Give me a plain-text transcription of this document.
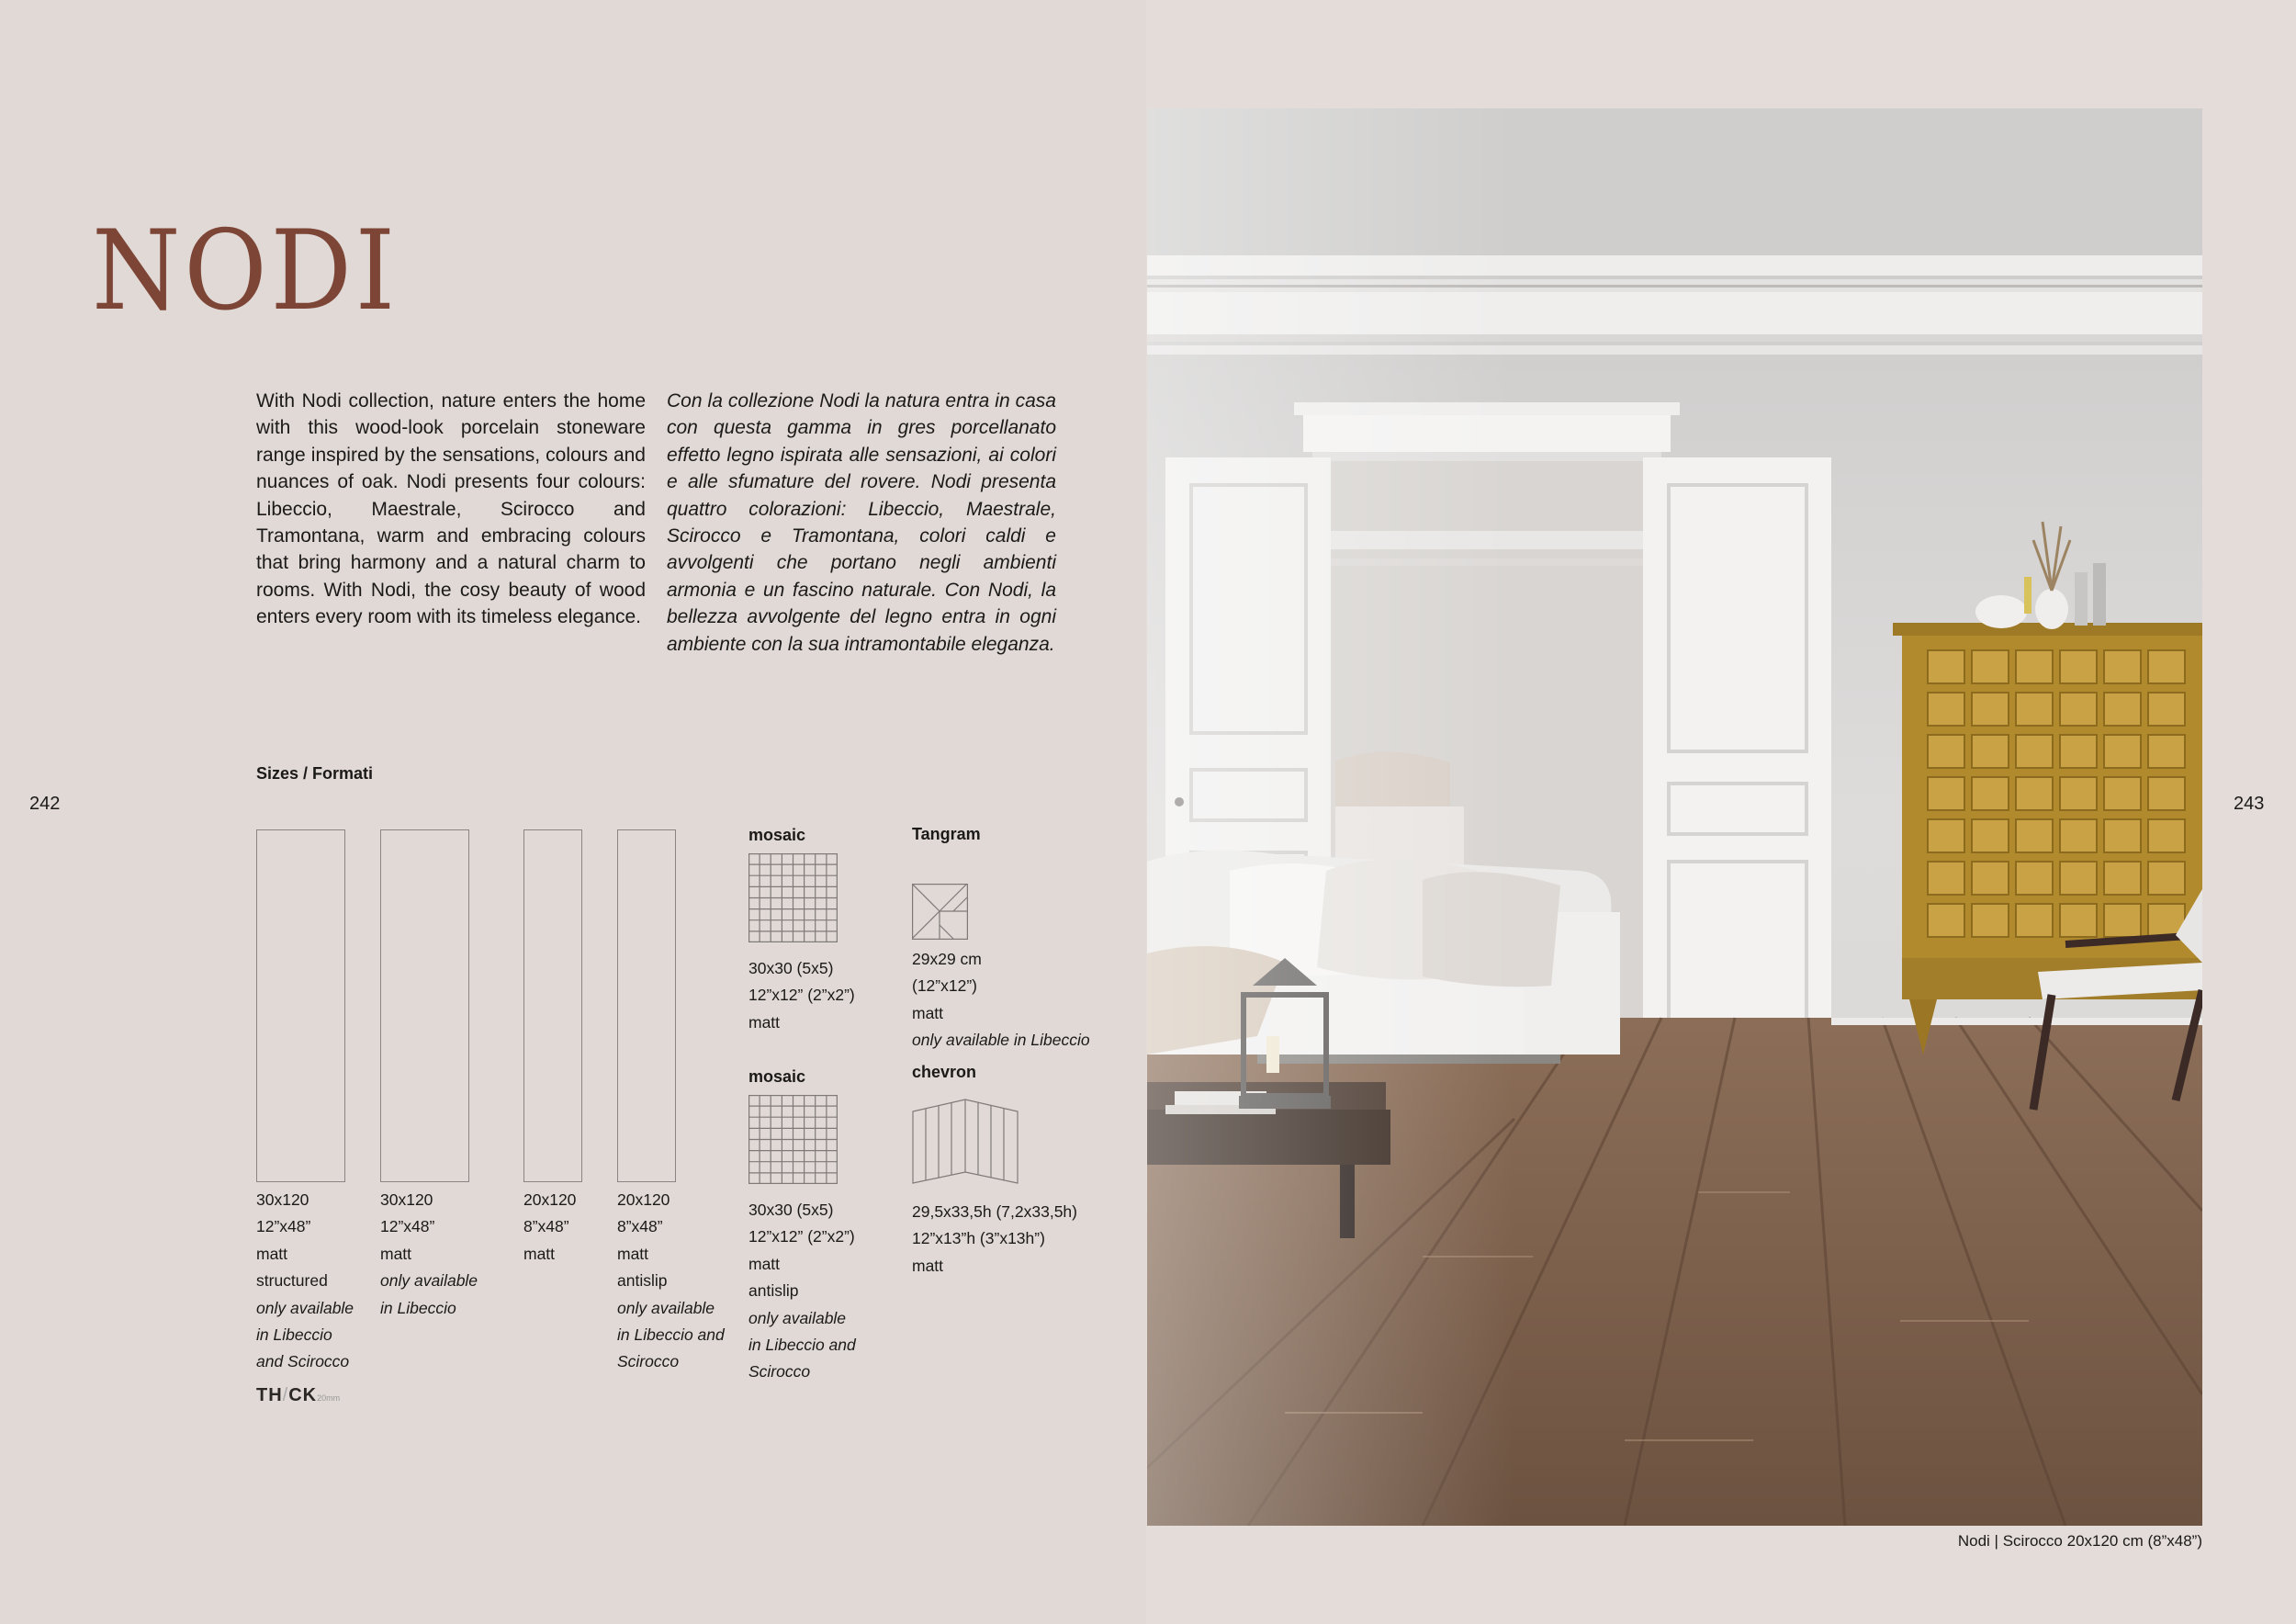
NODI

With Nodi collection, nature enters the home with this wood-look porcelain stoneware range inspired by the sensations, colours and nuances of oak. Nodi presents four colours: Libeccio, Maestrale, Scirocco and Tramontana, warm and embracing colours that bring harmony and a natural charm to rooms. With Nodi, the cosy beauty of wood enters every room with its timeless elegance.

Con la collezione Nodi la natura entra in casa con questa gamma in gres porcellanato effetto legno ispirata alle sensazioni, ai colori e alle sfumature del rovere. Nodi presenta quattro colorazioni: Libeccio, Maestrale, Scirocco e Tramontana, colori caldi e avvolgenti che portano negli ambienti armonia e un fascino naturale. Con Nodi, la bellezza avvolgente del legno entra in ogni ambiente con la sua intramontabile eleganza.

Sizes / Formati

242	243
30x120
12”x48”
matt
structured
only available
in Libeccio
and Scirocco
30x120
12”x48”
matt
only available
in Libeccio
20x120
8”x48”
matt
20x120
8”x48”
matt
antislip
only available
in Libeccio and
Scirocco
mosaic
30x30 (5x5)
12”x12” (2”x2”)
matt
mosaic
30x30 (5x5)
12”x12” (2”x2”)
matt
antislip
only available
in Libeccio and
Scirocco
Tangram
29x29 cm
(12”x12”)
matt
only available in Libeccio
chevron
29,5x33,5h (7,2x33,5h)
12”x13”h (3”x13h”)
matt
TH/CK20mm
Nodi | Scirocco 20x120 cm (8”x48”)
